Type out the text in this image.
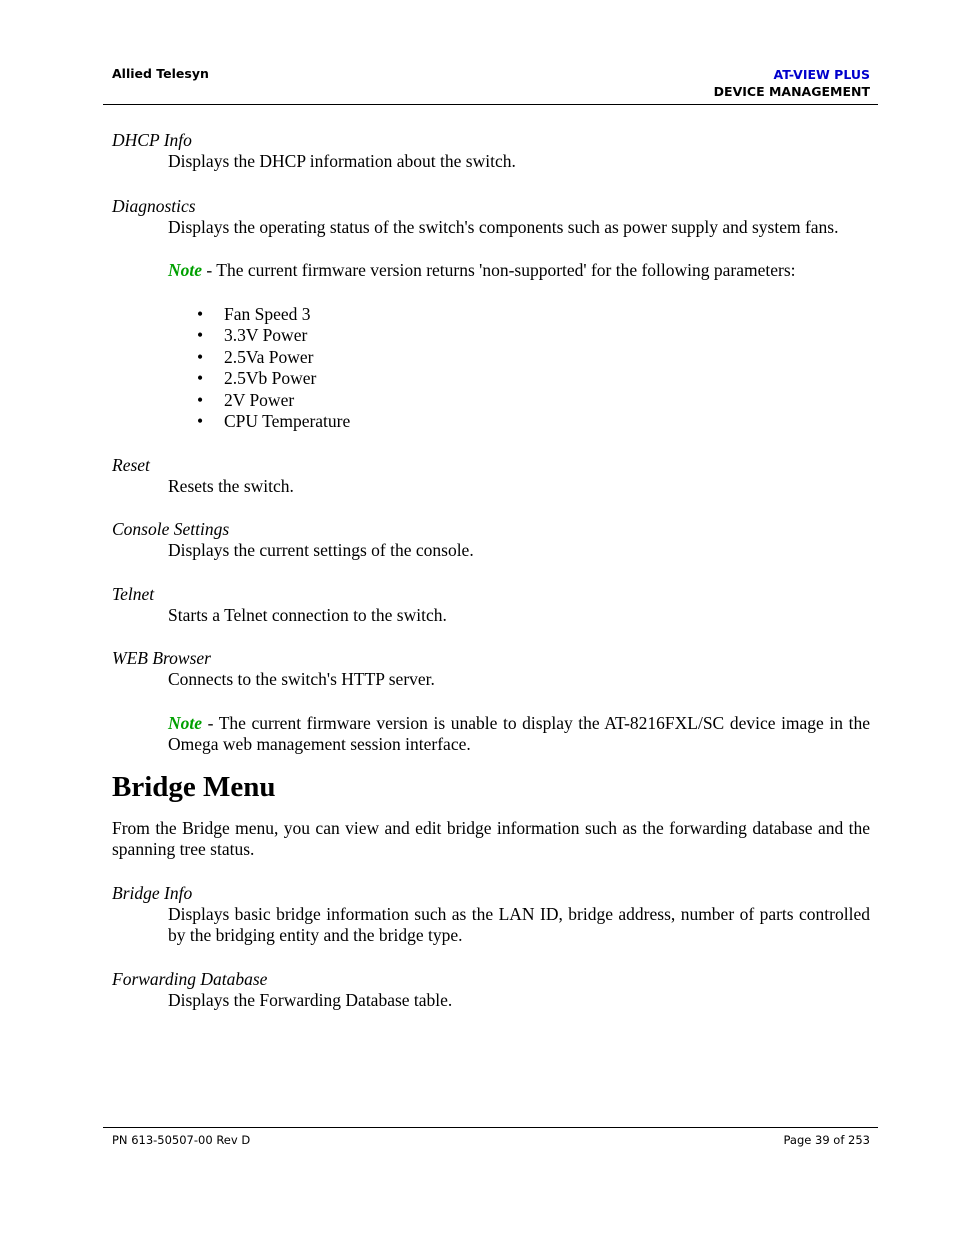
Allied Telesyn	AT-VIEW PLUS
DEVICE MANAGEMENT

DHCP Info

Displays the DHCP information about the switch.

Diagnostics

Displays the operating status of the switch's components such as power supply and system fans.

Note - The current firmware version returns 'non-supported' for the following parameters:

• Fan Speed 3
• 3.3V Power
• 2.5Va Power
• 2.5Vb Power
• 2V Power
• CPU Temperature

Reset

Resets the switch.

Console Settings

Displays the current settings of the console.

Telnet

Starts a Telnet connection to the switch.

WEB Browser

Connects to the switch's HTTP server.

Note - The current firmware version is unable to display the AT-8216FXL/SC device image in the Omega web management session interface.

Bridge Menu

From the Bridge menu, you can view and edit bridge information such as the forwarding database and the spanning tree status.

Bridge Info

Displays basic bridge information such as the LAN ID, bridge address, number of parts controlled by the bridging entity and the bridge type.

Forwarding Database

Displays the Forwarding Database table.

PN 613-50507-00 Rev D	Page 39 of 253
